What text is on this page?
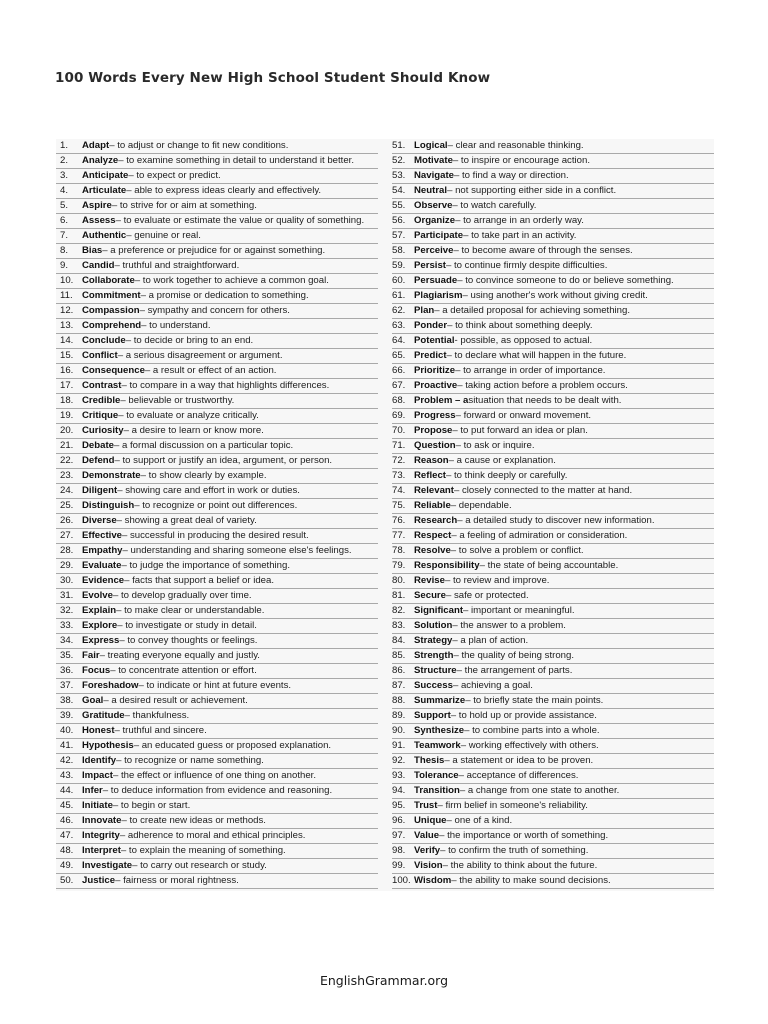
100 Words Every New High School Student Should Know
1.	Adapt – to adjust or change to fit new conditions.
2.	Analyze – to examine something in detail to understand it better.
3.	Anticipate – to expect or predict.
4.	Articulate – able to express ideas clearly and effectively.
5.	Aspire – to strive for or aim at something.
6.	Assess – to evaluate or estimate the value or quality of something.
7.	Authentic – genuine or real.
8.	Bias – a preference or prejudice for or against something.
9.	Candid – truthful and straightforward.
10. Collaborate – to work together to achieve a common goal.
11. Commitment – a promise or dedication to something.
12. Compassion – sympathy and concern for others.
13. Comprehend – to understand.
14. Conclude – to decide or bring to an end.
15. Conflict – a serious disagreement or argument.
16. Consequence – a result or effect of an action.
17. Contrast – to compare in a way that highlights differences.
18. Credible – believable or trustworthy.
19. Critique – to evaluate or analyze critically.
20. Curiosity – a desire to learn or know more.
21. Debate – a formal discussion on a particular topic.
22. Defend – to support or justify an idea, argument, or person.
23. Demonstrate – to show clearly by example.
24. Diligent – showing care and effort in work or duties.
25. Distinguish – to recognize or point out differences.
26. Diverse – showing a great deal of variety.
27. Effective – successful in producing the desired result.
28. Empathy – understanding and sharing someone else's feelings.
29. Evaluate – to judge the importance of something.
30. Evidence – facts that support a belief or idea.
31. Evolve – to develop gradually over time.
32. Explain – to make clear or understandable.
33. Explore – to investigate or study in detail.
34. Express – to convey thoughts or feelings.
35. Fair – treating everyone equally and justly.
36. Focus – to concentrate attention or effort.
37. Foreshadow – to indicate or hint at future events.
38. Goal – a desired result or achievement.
39. Gratitude – thankfulness.
40. Honest – truthful and sincere.
41. Hypothesis – an educated guess or proposed explanation.
42. Identify – to recognize or name something.
43. Impact – the effect or influence of one thing on another.
44. Infer – to deduce information from evidence and reasoning.
45. Initiate – to begin or start.
46. Innovate – to create new ideas or methods.
47. Integrity – adherence to moral and ethical principles.
48. Interpret – to explain the meaning of something.
49. Investigate – to carry out research or study.
50. Justice – fairness or moral rightness.
51. Logical – clear and reasonable thinking.
52. Motivate – to inspire or encourage action.
53. Navigate – to find a way or direction.
54. Neutral – not supporting either side in a conflict.
55. Observe – to watch carefully.
56. Organize – to arrange in an orderly way.
57. Participate – to take part in an activity.
58. Perceive – to become aware of through the senses.
59. Persist – to continue firmly despite difficulties.
60. Persuade – to convince someone to do or believe something.
61. Plagiarism – using another's work without giving credit.
62. Plan – a detailed proposal for achieving something.
63. Ponder – to think about something deeply.
64. Potential - possible, as opposed to actual.
65. Predict – to declare what will happen in the future.
66. Prioritize – to arrange in order of importance.
67. Proactive – taking action before a problem occurs.
68. Problem – a situation that needs to be dealt with.
69. Progress – forward or onward movement.
70. Propose – to put forward an idea or plan.
71. Question – to ask or inquire.
72. Reason – a cause or explanation.
73. Reflect – to think deeply or carefully.
74. Relevant – closely connected to the matter at hand.
75. Reliable – dependable.
76. Research – a detailed study to discover new information.
77. Respect – a feeling of admiration or consideration.
78. Resolve – to solve a problem or conflict.
79. Responsibility – the state of being accountable.
80. Revise – to review and improve.
81. Secure – safe or protected.
82. Significant – important or meaningful.
83. Solution – the answer to a problem.
84. Strategy – a plan of action.
85. Strength – the quality of being strong.
86. Structure – the arrangement of parts.
87. Success – achieving a goal.
88. Summarize – to briefly state the main points.
89. Support – to hold up or provide assistance.
90. Synthesize – to combine parts into a whole.
91. Teamwork – working effectively with others.
92. Thesis – a statement or idea to be proven.
93. Tolerance – acceptance of differences.
94. Transition – a change from one state to another.
95. Trust – firm belief in someone's reliability.
96. Unique – one of a kind.
97. Value – the importance or worth of something.
98. Verify – to confirm the truth of something.
99. Vision – the ability to think about the future.
100. Wisdom – the ability to make sound decisions.
EnglishGrammar.org
